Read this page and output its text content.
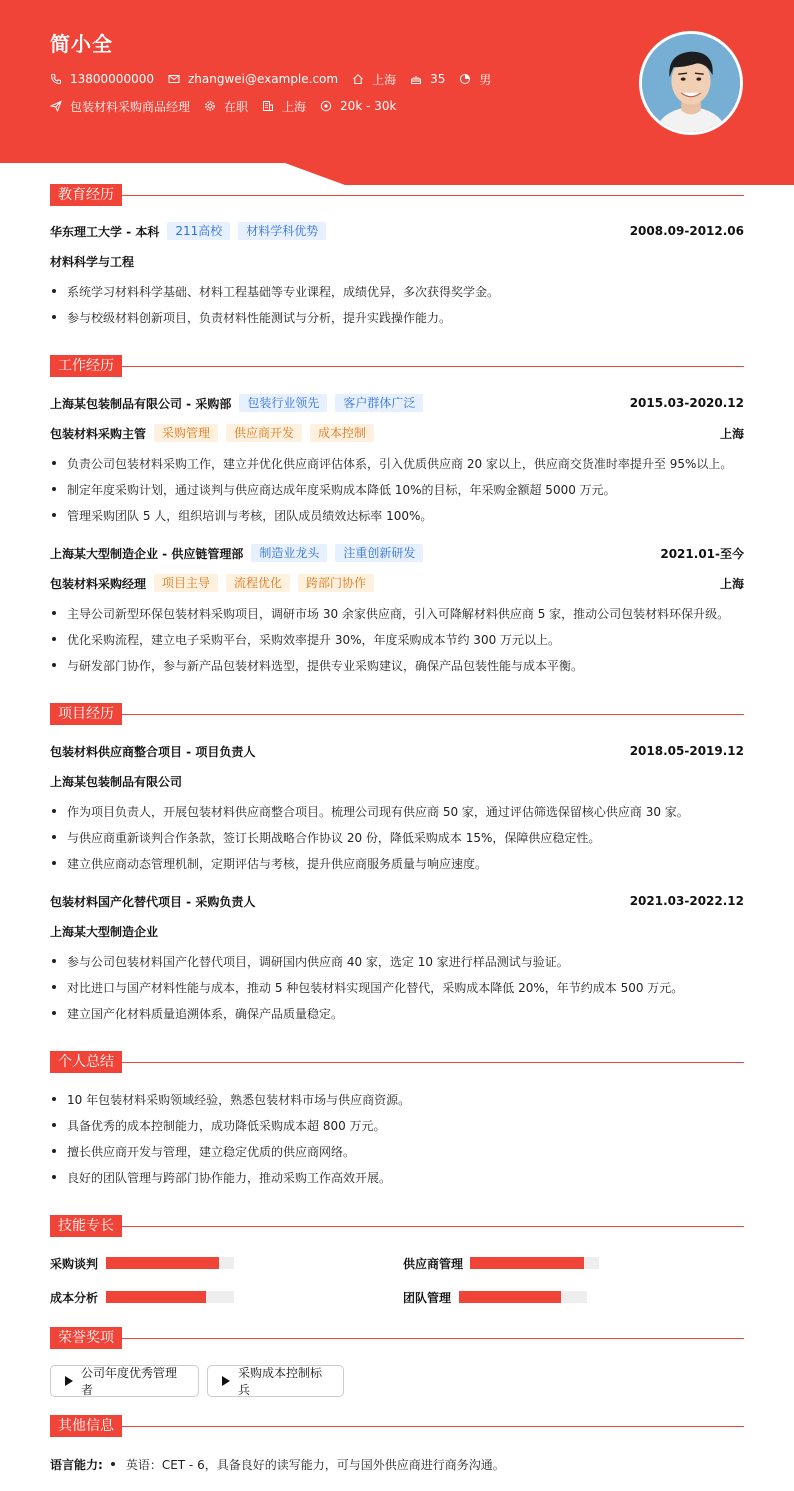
简小全
13800000000	zhangwei@example.com	上海	35	男
包装材料采购商品经理	在职	上海	20k - 30k
教育经历
华东理工大学 - 本科	211高校	材料学科优势	2008.09-2012.06
材料科学与工程
系统学习材料科学基础、材料工程基础等专业课程，成绩优异，多次获得奖学金。
参与校级材料创新项目，负责材料性能测试与分析，提升实践操作能力。
工作经历
上海某包装制品有限公司 - 采购部	包装行业领先	客户群体广泛	2015.03-2020.12
包装材料采购主管	采购管理	供应商开发	成本控制	上海
负责公司包装材料采购工作，建立并优化供应商评估体系，引入优质供应商 20 家以上，供应商交货准时率提升至 95%以上。
制定年度采购计划，通过谈判与供应商达成年度采购成本降低 10%的目标，年采购金额超 5000 万元。
管理采购团队 5 人，组织培训与考核，团队成员绩效达标率 100%。
上海某大型制造企业 - 供应链管理部	制造业龙头	注重创新研发	2021.01-至今
包装材料采购经理	项目主导	流程优化	跨部门协作	上海
主导公司新型环保包装材料采购项目，调研市场 30 余家供应商，引入可降解材料供应商 5 家，推动公司包装材料环保升级。
优化采购流程，建立电子采购平台，采购效率提升 30%，年度采购成本节约 300 万元以上。
与研发部门协作，参与新产品包装材料选型，提供专业采购建议，确保产品包装性能与成本平衡。
项目经历
包装材料供应商整合项目 - 项目负责人	2018.05-2019.12
上海某包装制品有限公司
作为项目负责人，开展包装材料供应商整合项目。梳理公司现有供应商 50 家，通过评估筛选保留核心供应商 30 家。
与供应商重新谈判合作条款，签订长期战略合作协议 20 份，降低采购成本 15%，保障供应稳定性。
建立供应商动态管理机制，定期评估与考核，提升供应商服务质量与响应速度。
包装材料国产化替代项目 - 采购负责人	2021.03-2022.12
上海某大型制造企业
参与公司包装材料国产化替代项目，调研国内供应商 40 家，选定 10 家进行样品测试与验证。
对比进口与国产材料性能与成本，推动 5 种包装材料实现国产化替代，采购成本降低 20%，年节约成本 500 万元。
建立国产化材料质量追溯体系，确保产品质量稳定。
个人总结
10 年包装材料采购领域经验，熟悉包装材料市场与供应商资源。
具备优秀的成本控制能力，成功降低采购成本超 800 万元。
擅长供应商开发与管理，建立稳定优质的供应商网络。
良好的团队管理与跨部门协作能力，推动采购工作高效开展。
技能专长
采购谈判	供应商管理
成本分析	团队管理
荣誉奖项
公司年度优秀管理者
采购成本控制标兵
其他信息
语言能力: 英语：CET - 6，具备良好的读写能力，可与国外供应商进行商务沟通。
